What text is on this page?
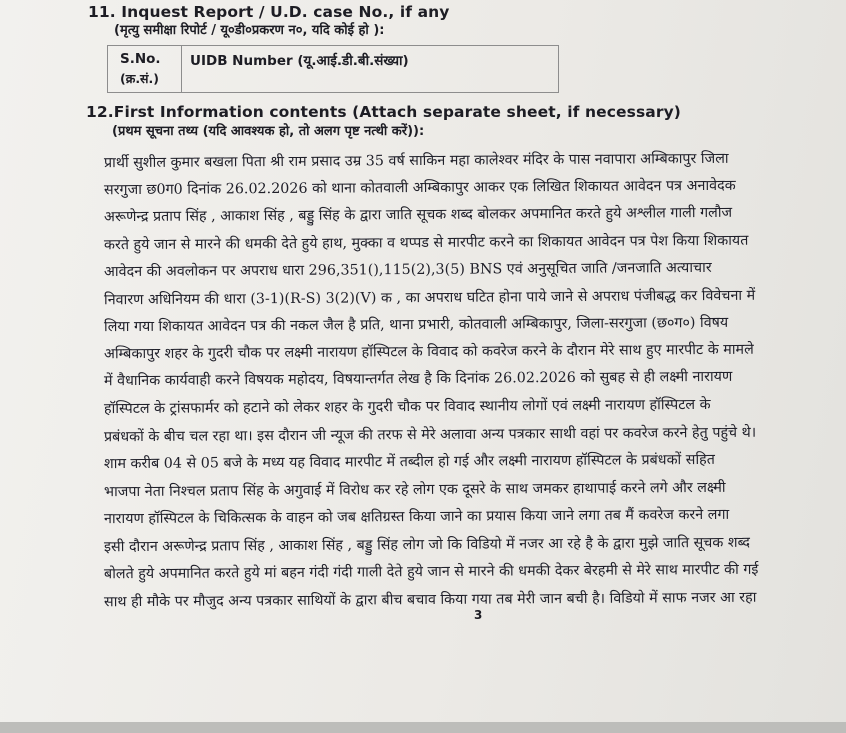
11. Inquest Report / U.D. case No., if any
(मृत्यु समीक्षा रिपोर्ट / यू०डी०प्रकरण न०, यदि कोई हो ):
S.No.
(क्र.सं.)
UIDB Number (यू.आई.डी.बी.संख्या)
12.First Information contents (Attach separate sheet, if necessary)
(प्रथम सूचना तथ्य (यदि आवश्यक हो, तो अलग पृष्ट नत्थी करें)):
प्रार्थी सुशील कुमार बखला पिता श्री राम प्रसाद उम्र 35 वर्ष साकिन महा कालेश्वर मंदिर के पास नवापारा अम्बिकापुर जिला
सरगुजा छ0ग0 दिनांक 26.02.2026 को थाना कोतवाली अम्बिकापुर आकर एक लिखित शिकायत आवेदन पत्र अनावेदक
अरूणेन्द्र प्रताप सिंह , आकाश सिंह , बड्डु सिंह के द्वारा जाति सूचक शब्द बोलकर अपमानित करते हुये अश्लील गाली गलौज
करते हुये जान से मारने की धमकी देते हुये हाथ, मुक्का व थप्पड से मारपीट करने का शिकायत आवेदन पत्र पेश किया शिकायत
आवेदन की अवलोकन पर अपराध धारा 296,351(),115(2),3(5) BNS एवं अनुसूचित जाति /जनजाति अत्याचार
निवारण अधिनियम की धारा (3-1)(R-S) 3(2)(V) क , का अपराध घटित होना पाये जाने से अपराध पंजीबद्ध कर विवेचना में
लिया गया शिकायत आवेदन पत्र की नकल जैल है प्रति, थाना प्रभारी, कोतवाली अम्बिकापुर, जिला-सरगुजा (छ०ग०) विषय
अम्बिकापुर शहर के गुदरी चौक पर लक्ष्मी नारायण हॉस्पिटल के विवाद को कवरेज करने के दौरान मेरे साथ हुए मारपीट के मामले
में वैधानिक कार्यवाही करने विषयक महोदय, विषयान्तर्गत लेख है कि दिनांक 26.02.2026 को सुबह से ही लक्ष्मी नारायण
हॉस्पिटल के ट्रांसफार्मर को हटाने को लेकर शहर के गुदरी चौक पर विवाद स्थानीय लोगों एवं लक्ष्मी नारायण हॉस्पिटल के
प्रबंधकों के बीच चल रहा था। इस दौरान जी न्यूज की तरफ से मेरे अलावा अन्य पत्रकार साथी वहां पर कवरेज करने हेतु पहुंचे थे।
शाम करीब 04 से 05 बजे के मध्य यह विवाद मारपीट में तब्दील हो गई और लक्ष्मी नारायण हॉस्पिटल के प्रबंधकों सहित
भाजपा नेता निश्चल प्रताप सिंह के अगुवाई में विरोध कर रहे लोग एक दूसरे के साथ जमकर हाथापाई करने लगे और लक्ष्मी
नारायण हॉस्पिटल के चिकित्सक के वाहन को जब क्षतिग्रस्त किया जाने का प्रयास किया जाने लगा तब मैं कवरेज करने लगा
इसी दौरान अरूणेन्द्र प्रताप सिंह , आकाश सिंह , बड्डु सिंह लोग जो कि विडियो में नजर आ रहे है के द्वारा मुझे जाति सूचक शब्द
बोलते हुये अपमानित करते हुये मां बहन गंदी गंदी गाली देते हुये जान से मारने की धमकी देकर बेरहमी से मेरे साथ मारपीट की गई
साथ ही मौके पर मौजुद अन्य पत्रकार साथियों के द्वारा बीच बचाव किया गया तब मेरी जान बची है। विडियो में साफ नजर आ रहा
3
